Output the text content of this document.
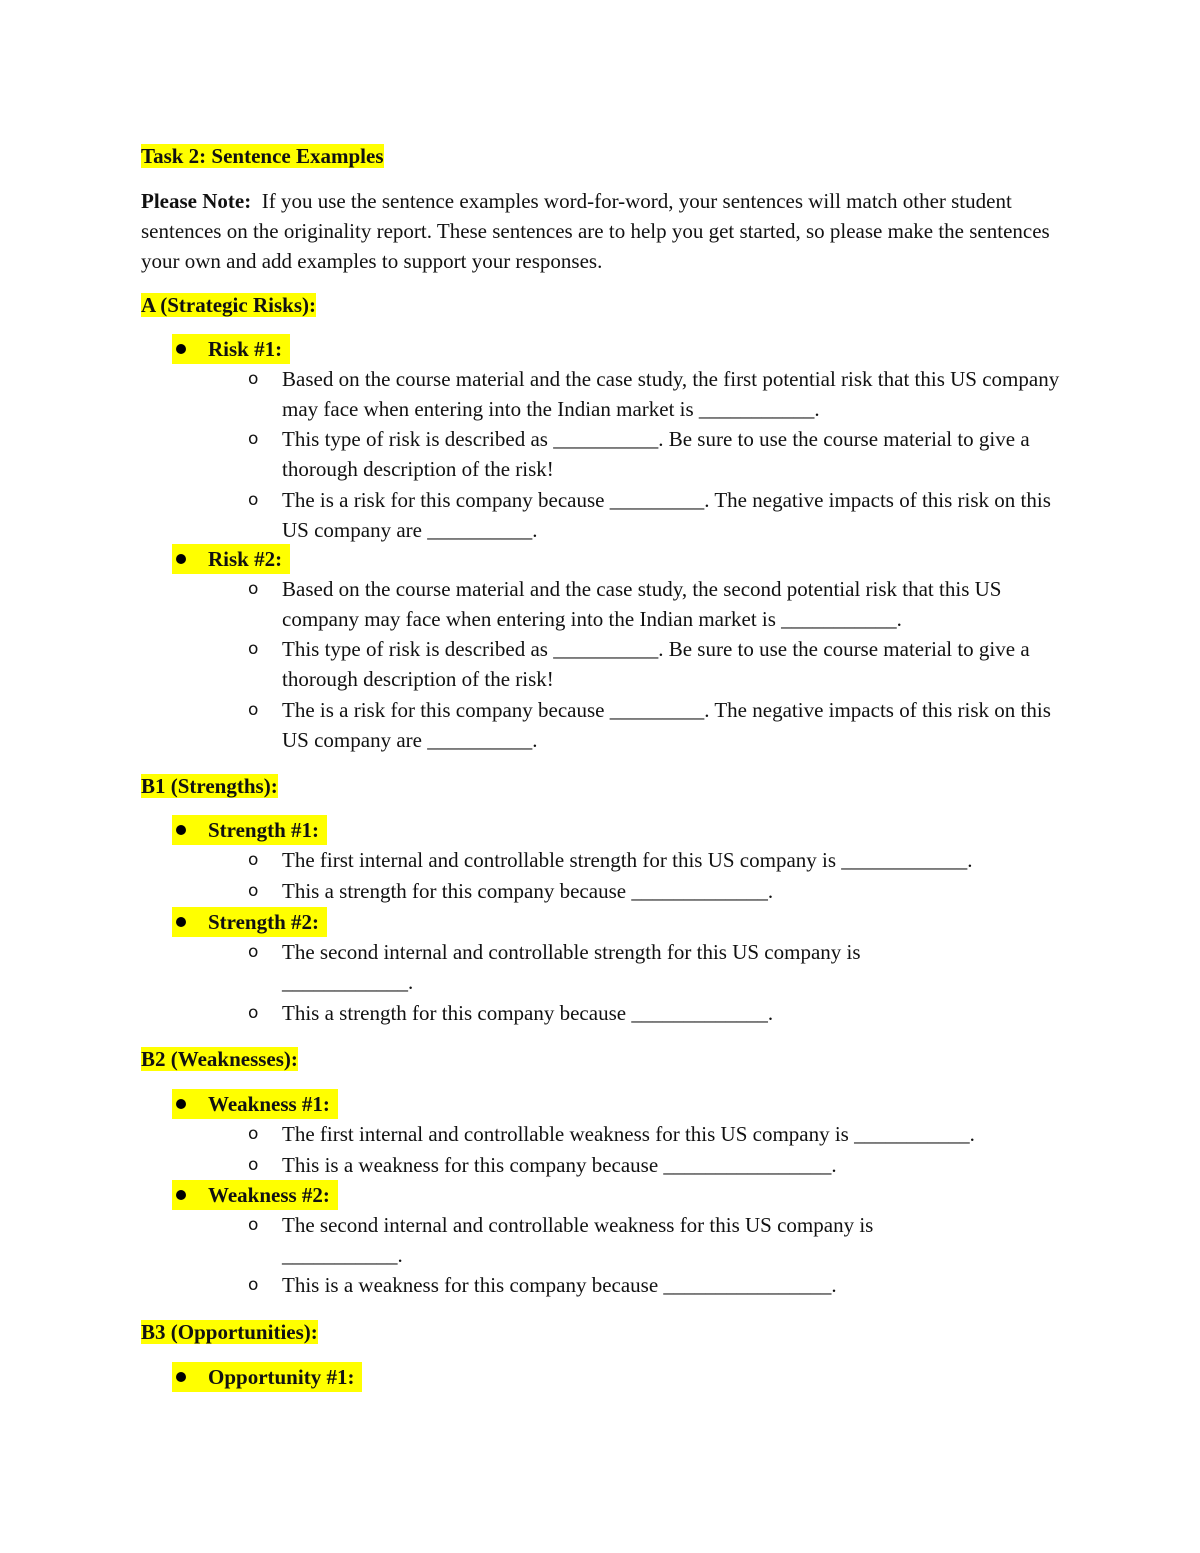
Task 2: Sentence Examples
Please Note: If you use the sentence examples word-for-word, your sentences will match other student sentences on the originality report. These sentences are to help you get started, so please make the sentences your own and add examples to support your responses.
A (Strategic Risks):
Risk #1:
o Based on the course material and the case study, the first potential risk that this US company may face when entering into the Indian market is ___________.
o This type of risk is described as __________. Be sure to use the course material to give a thorough description of the risk!
o The is a risk for this company because _________. The negative impacts of this risk on this US company are __________.
Risk #2:
o Based on the course material and the case study, the second potential risk that this US company may face when entering into the Indian market is ___________.
o This type of risk is described as __________. Be sure to use the course material to give a thorough description of the risk!
o The is a risk for this company because _________. The negative impacts of this risk on this US company are __________.
B1 (Strengths):
Strength #1:
o The first internal and controllable strength for this US company is ____________.
o This a strength for this company because _____________.
Strength #2:
o The second internal and controllable strength for this US company is ____________.
o This a strength for this company because _____________.
B2 (Weaknesses):
Weakness #1:
o The first internal and controllable weakness for this US company is ___________.
o This is a weakness for this company because ________________.
Weakness #2:
o The second internal and controllable weakness for this US company is ___________.
o This is a weakness for this company because ________________.
B3 (Opportunities):
Opportunity #1:
